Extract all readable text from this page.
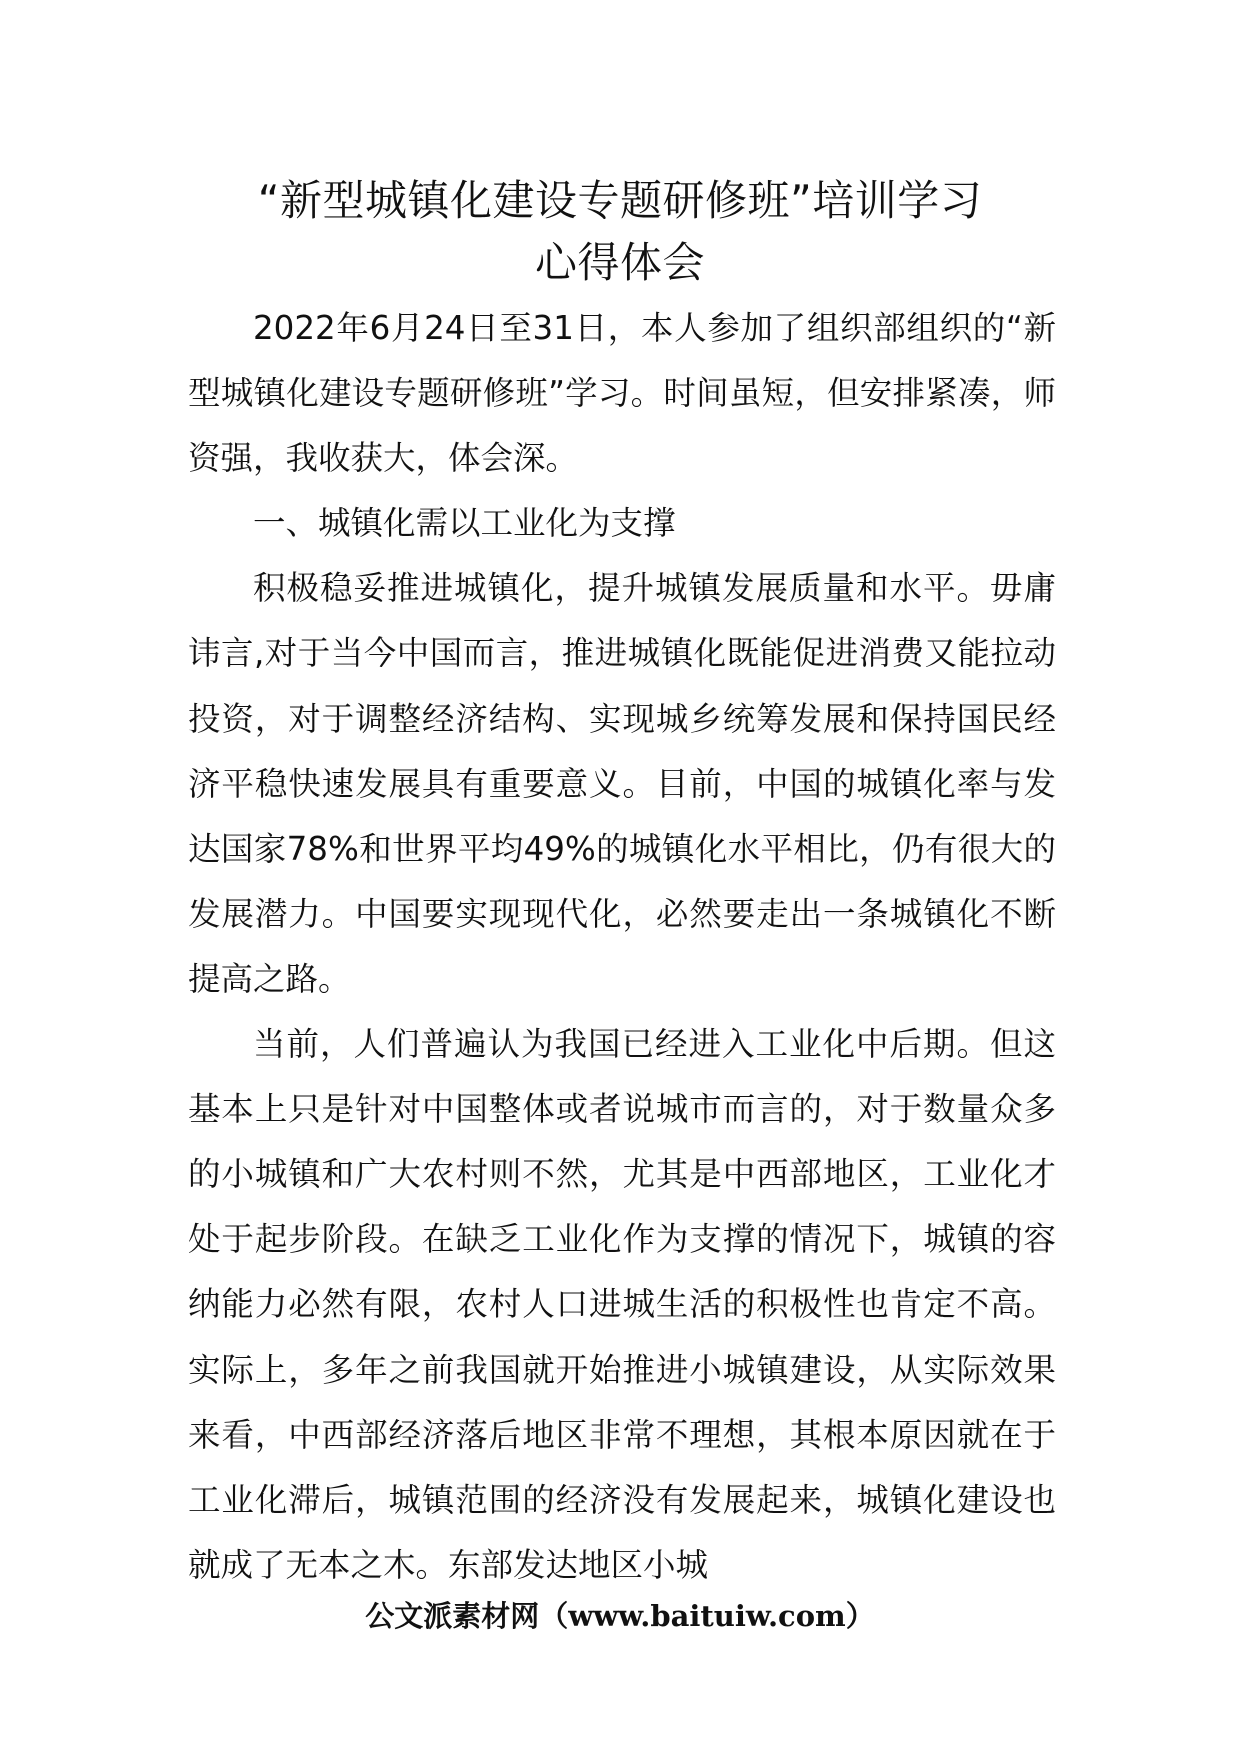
“新型城镇化建设专题研修班”培训学习
心得体会

2022年6月24日至31日，本人参加了组织部组织的“新型城镇化建设专题研修班”学习。时间虽短，但安排紧凑，师资强，我收获大，体会深。

一、城镇化需以工业化为支撑

积极稳妥推进城镇化，提升城镇发展质量和水平。毋庸讳言,对于当今中国而言，推进城镇化既能促进消费又能拉动投资，对于调整经济结构、实现城乡统筹发展和保持国民经济平稳快速发展具有重要意义。目前，中国的城镇化率与发达国家78%和世界平均49%的城镇化水平相比，仍有很大的发展潜力。中国要实现现代化，必然要走出一条城镇化不断提高之路。

当前，人们普遍认为我国已经进入工业化中后期。但这基本上只是针对中国整体或者说城市而言的，对于数量众多的小城镇和广大农村则不然，尤其是中西部地区，工业化才处于起步阶段。在缺乏工业化作为支撑的情况下，城镇的容纳能力必然有限，农村人口进城生活的积极性也肯定不高。实际上，多年之前我国就开始推进小城镇建设，从实际效果来看，中西部经济落后地区非常不理想，其根本原因就在于工业化滞后，城镇范围的经济没有发展起来，城镇化建设也就成了无本之木。东部发达地区小城

公文派素材网（www.baituiw.com）
